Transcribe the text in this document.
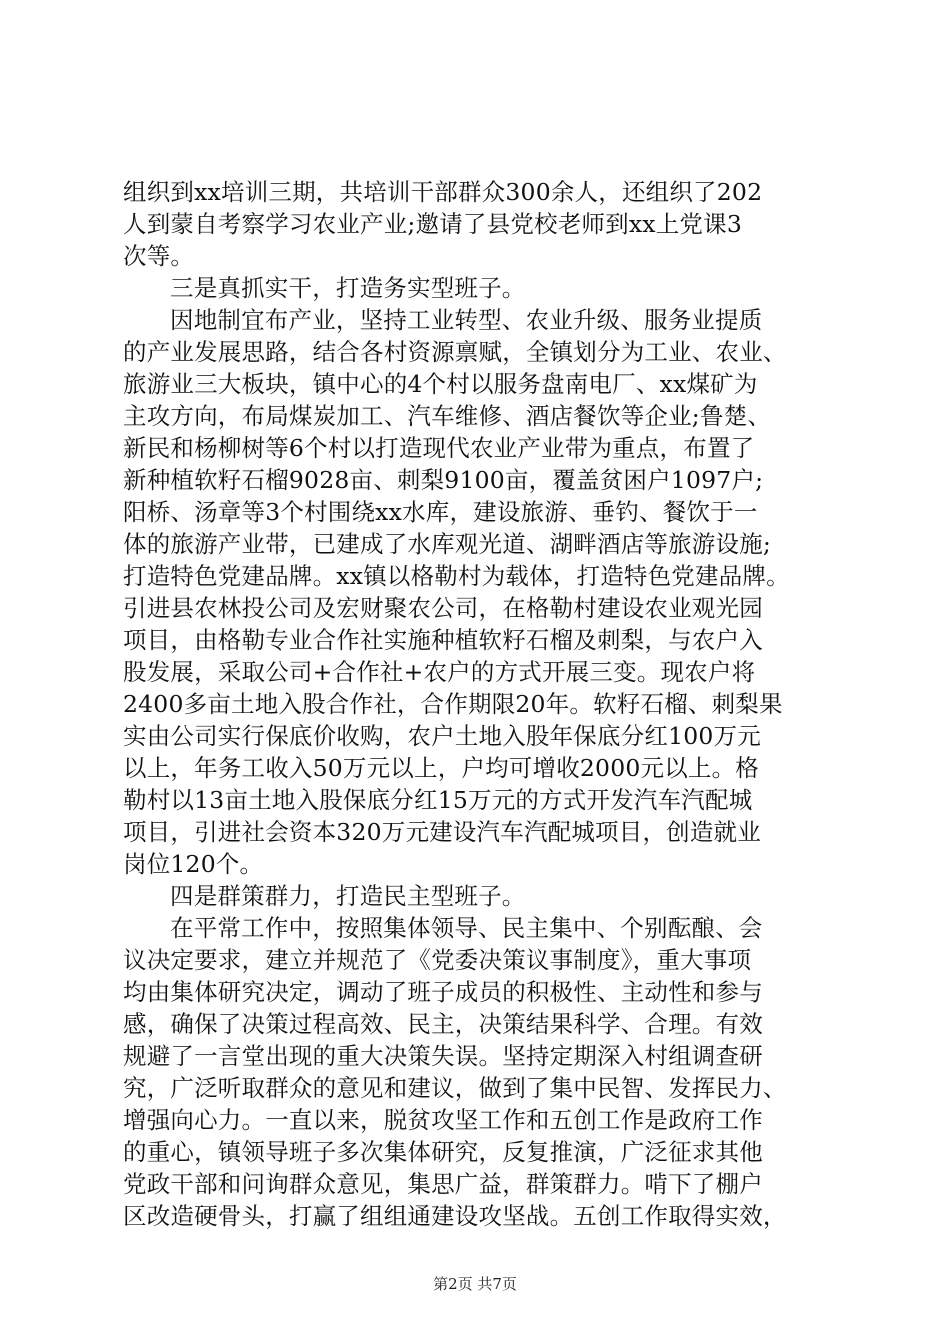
组织到xx培训三期，共培训干部群众300余人，还组织了202
人到蒙自考察学习农业产业;邀请了县党校老师到xx上党课3
次等。
三是真抓实干，打造务实型班子。
因地制宜布产业，坚持工业转型、农业升级、服务业提质
的产业发展思路，结合各村资源禀赋，全镇划分为工业、农业、
旅游业三大板块，镇中心的4个村以服务盘南电厂、xx煤矿为
主攻方向，布局煤炭加工、汽车维修、酒店餐饮等企业;鲁楚、
新民和杨柳树等6个村以打造现代农业产业带为重点，布置了
新种植软籽石榴9028亩、刺梨9100亩，覆盖贫困户1097户;
阳桥、汤章等3个村围绕xx水库，建设旅游、垂钓、餐饮于一
体的旅游产业带，已建成了水库观光道、湖畔酒店等旅游设施;
打造特色党建品牌。xx镇以格勒村为载体，打造特色党建品牌。
引进县农林投公司及宏财聚农公司，在格勒村建设农业观光园
项目，由格勒专业合作社实施种植软籽石榴及刺梨，与农户入
股发展，采取公司+合作社+农户的方式开展三变。现农户将
2400多亩土地入股合作社，合作期限20年。软籽石榴、刺梨果
实由公司实行保底价收购，农户土地入股年保底分红100万元
以上，年务工收入50万元以上，户均可增收2000元以上。格
勒村以13亩土地入股保底分红15万元的方式开发汽车汽配城
项目，引进社会资本320万元建设汽车汽配城项目，创造就业
岗位120个。
四是群策群力，打造民主型班子。
在平常工作中，按照集体领导、民主集中、个别酝酿、会
议决定要求，建立并规范了《党委决策议事制度》，重大事项
均由集体研究决定，调动了班子成员的积极性、主动性和参与
感，确保了决策过程高效、民主，决策结果科学、合理。有效
规避了一言堂出现的重大决策失误。坚持定期深入村组调查研
究，广泛听取群众的意见和建议，做到了集中民智、发挥民力、
增强向心力。一直以来，脱贫攻坚工作和五创工作是政府工作
的重心，镇领导班子多次集体研究，反复推演，广泛征求其他
党政干部和问询群众意见，集思广益，群策群力。啃下了棚户
区改造硬骨头，打赢了组组通建设攻坚战。五创工作取得实效，
第2页 共7页
